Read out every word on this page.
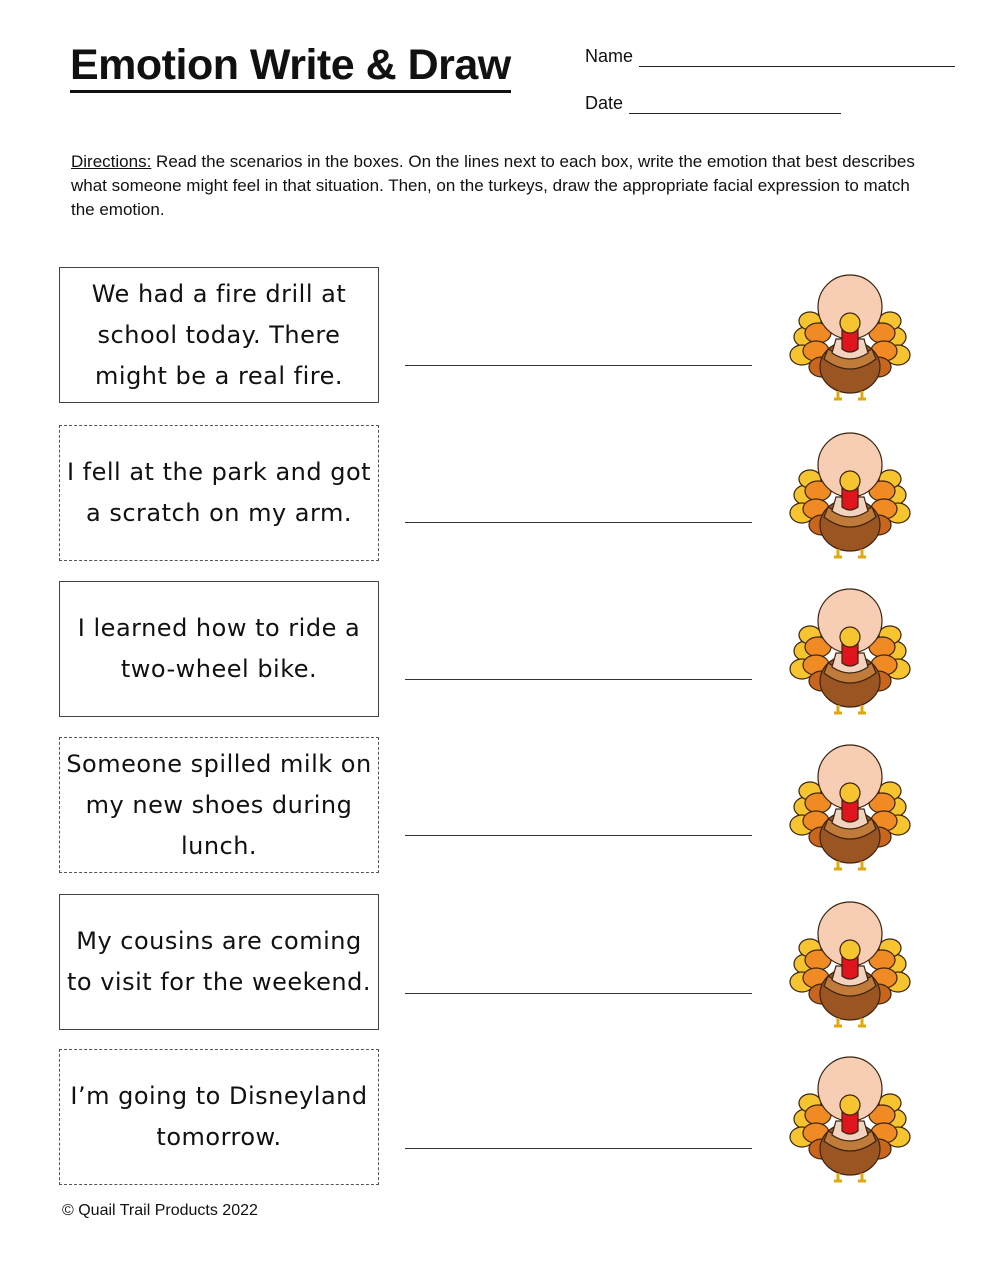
Emotion Write & Draw	Name
Date
Directions: Read the scenarios in the boxes. On the lines next to each box, write the emotion that best describes what someone might feel in that situation. Then, on the turkeys, draw the appropriate facial expression to match the emotion.
We had a fire drill at school today. There might be a real fire.
I fell at the park and got a scratch on my arm.
I learned how to ride a two-wheel bike.
Someone spilled milk on my new shoes during lunch.
My cousins are coming to visit for the weekend.
I’m going to Disneyland tomorrow.
© Quail Trail Products 2022
